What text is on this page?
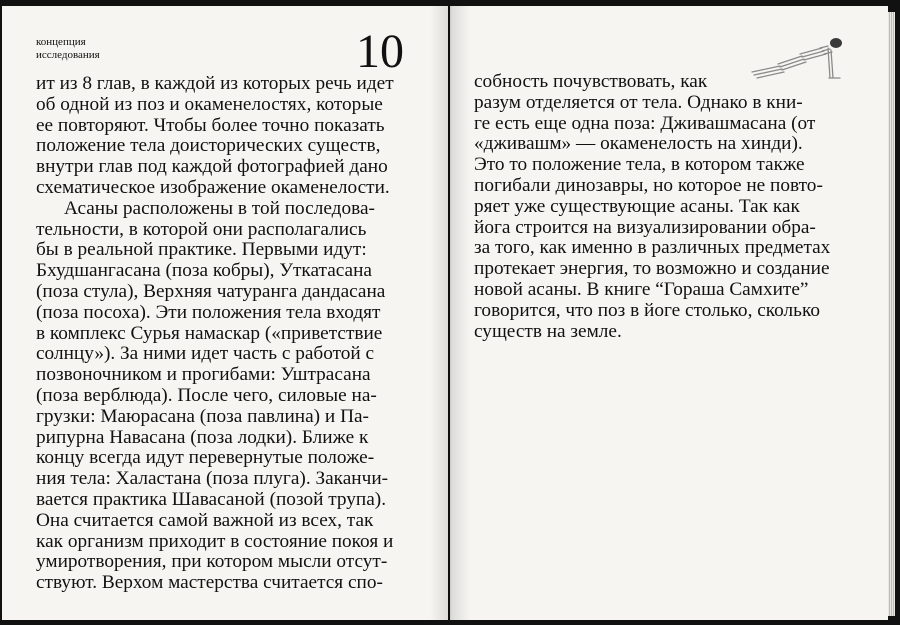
концепция
исследования	10
ит из 8 глав, в каждой из которых речь идет
об одной из поз и окаменелостях, которые
ее повторяют. Чтобы более точно показать
положение тела доисторических существ,
внутри глав под каждой фотографией дано
схематическое изображение окаменелости.
Асаны расположены в той последова-
тельности, в которой они располагались
бы в реальной практике. Первыми идут:
Бхудшангасана (поза кобры), Уткатасана
(поза стула), Верхняя чатуранга дандасана
(поза посоха). Эти положения тела входят
в комплекс Сурья намаскар («приветствие
солнцу»). За ними идет часть с работой с
позвоночником и прогибами: Уштрасана
(поза верблюда). После чего, силовые на-
грузки: Маюрасана (поза павлина) и Па-
рипурна Навасана (поза лодки). Ближе к
концу всегда идут перевернутые положе-
ния тела: Халастана (поза плуга). Заканчи-
вается практика Шавасаной (позой трупа).
Она считается самой важной из всех, так
как организм приходит в состояние покоя и
умиротворения, при котором мысли отсут-
ствуют. Верхом мастерства считается спо-
собность почувствовать, как
разум отделяется от тела. Однако в кни-
ге есть еще одна поза: Дживашмасана (от
«дживашм» — окаменелость на хинди).
Это то положение тела, в котором также
погибали динозавры, но которое не повто-
ряет уже существующие асаны. Так как
йога строится на визуализировании обра-
за того, как именно в различных предметах
протекает энергия, то возможно и создание
новой асаны. В книге “Гораша Самхите”
говорится, что поз в йоге столько, сколько
существ на земле.
